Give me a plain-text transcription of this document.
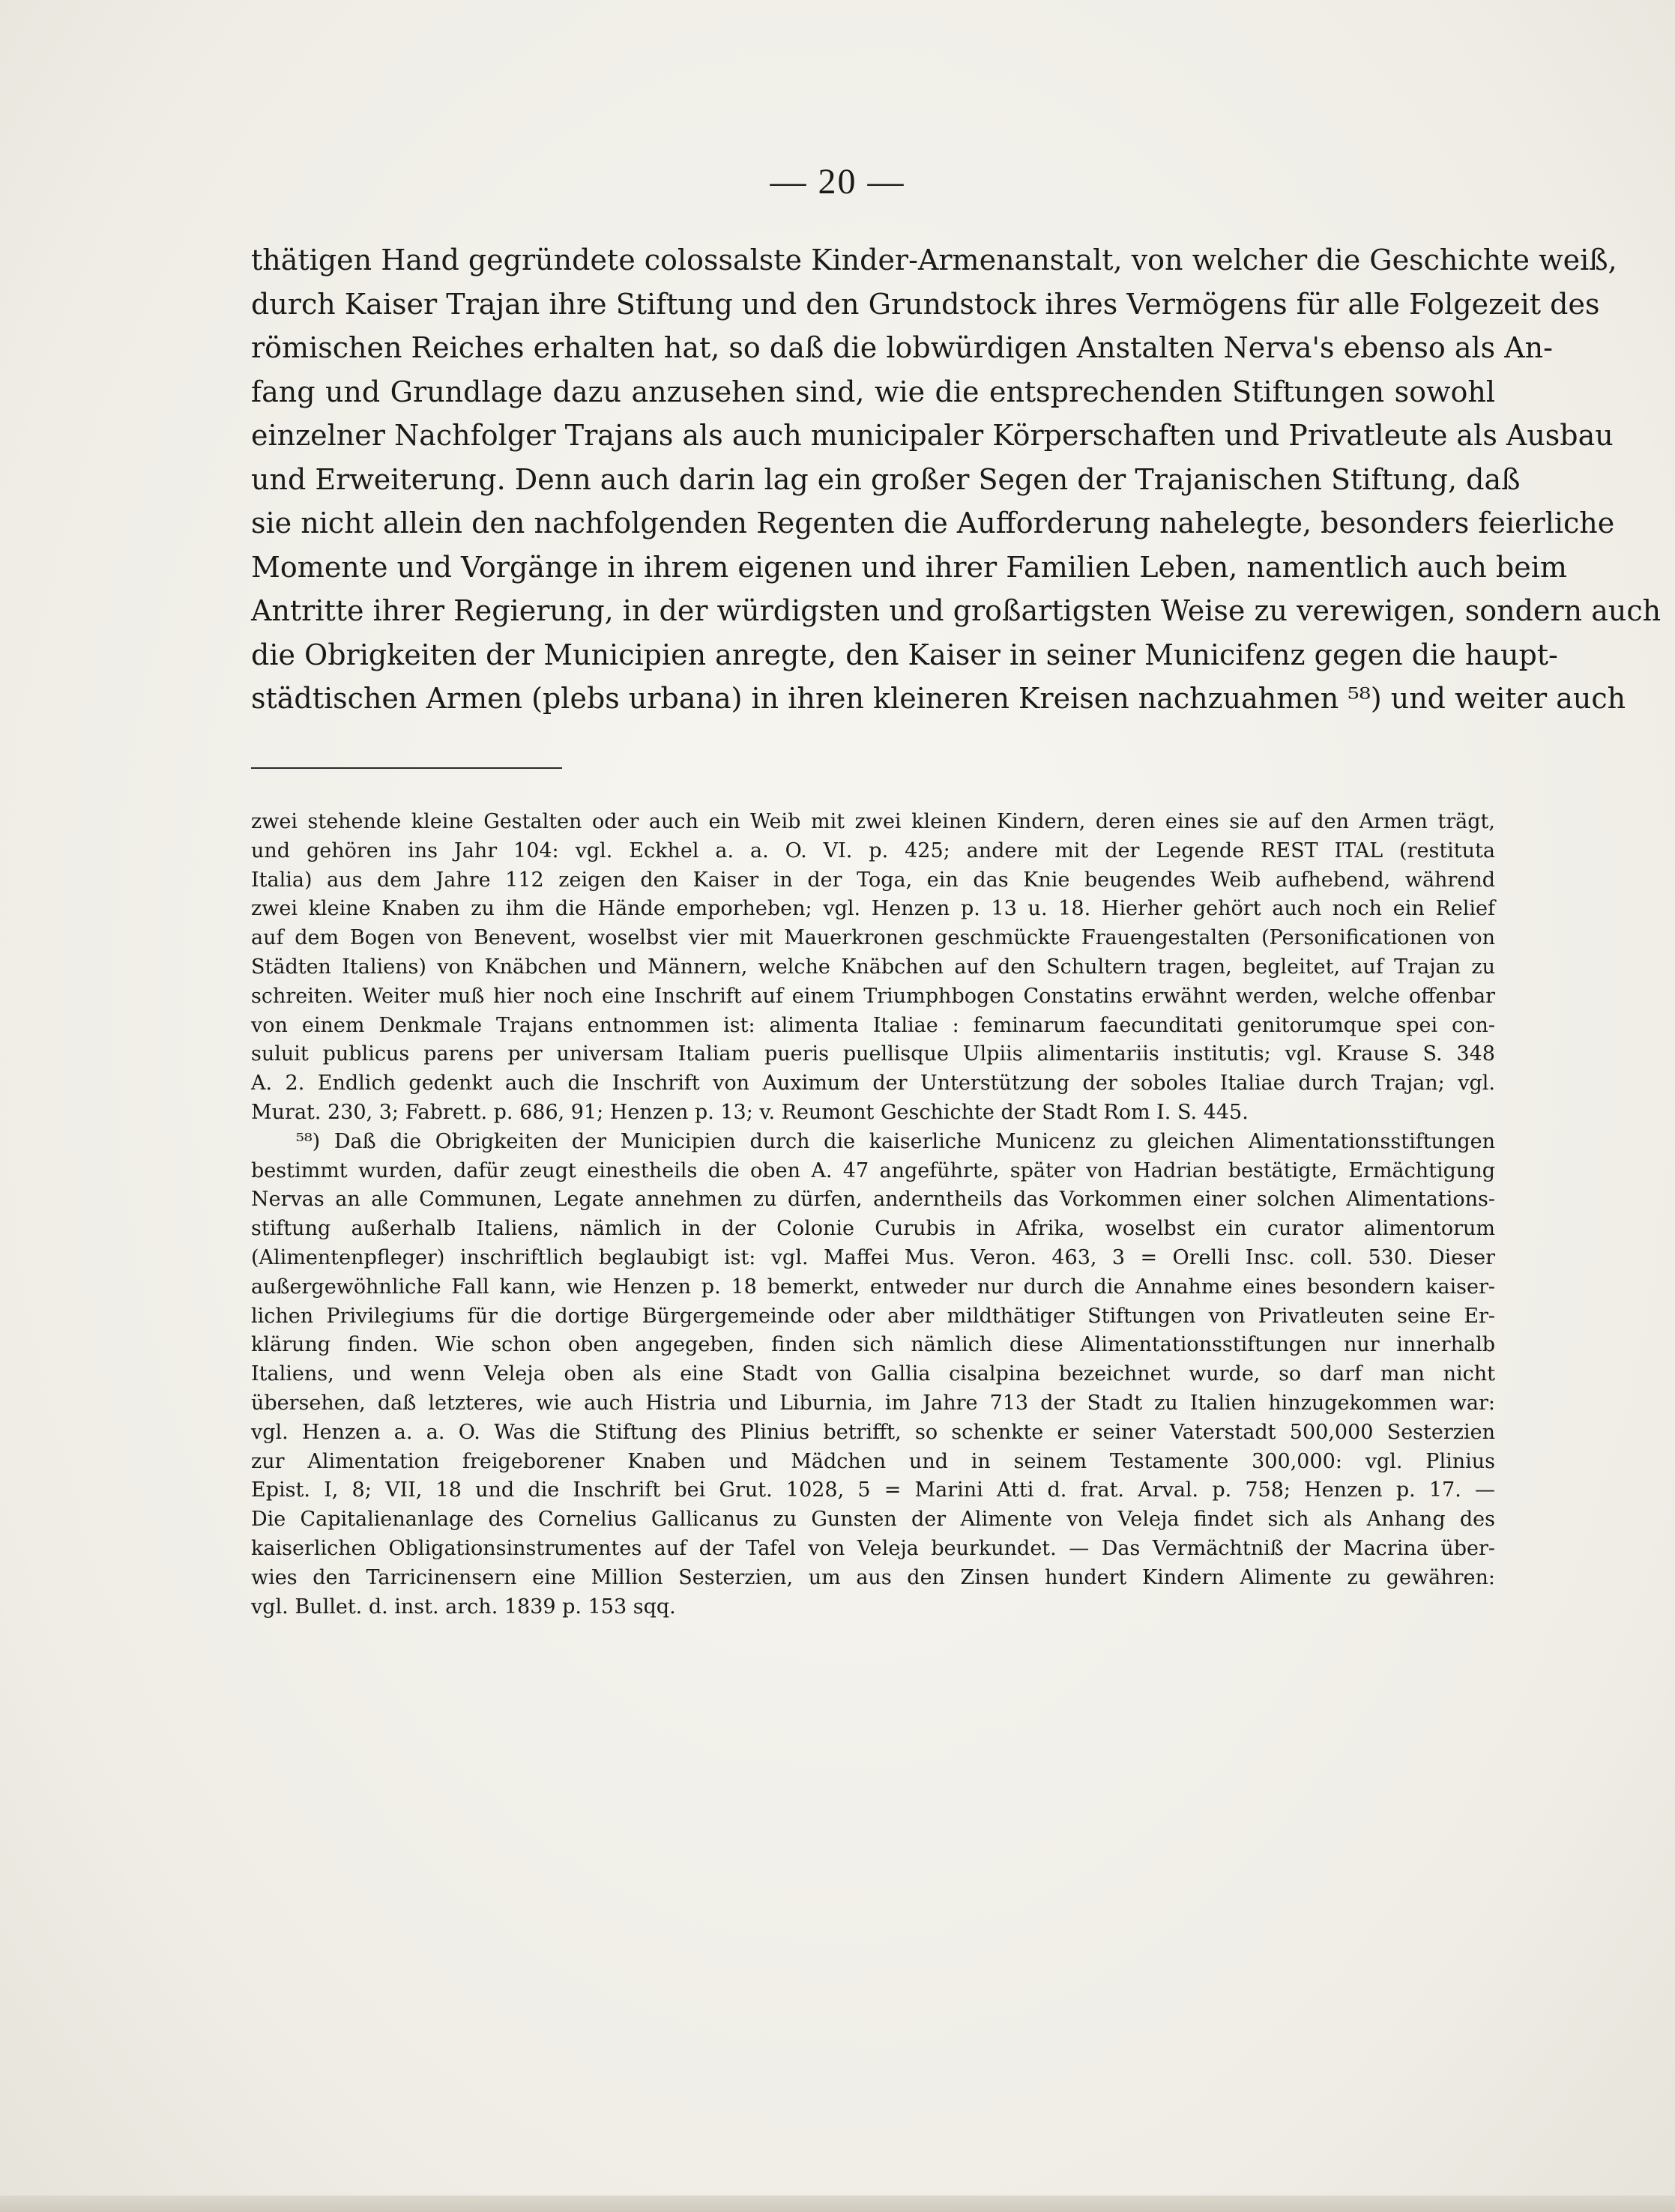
— 20 —
thätigen Hand gegründete colossalste Kinder-Armenanstalt, von welcher die Geschichte weiß,
durch Kaiser Trajan ihre Stiftung und den Grundstock ihres Vermögens für alle Folgezeit des
römischen Reiches erhalten hat, so daß die lobwürdigen Anstalten Nerva's ebenso als An-
fang und Grundlage dazu anzusehen sind, wie die entsprechenden Stiftungen sowohl
einzelner Nachfolger Trajans als auch municipaler Körperschaften und Privatleute als Ausbau
und Erweiterung. Denn auch darin lag ein großer Segen der Trajanischen Stiftung, daß
sie nicht allein den nachfolgenden Regenten die Aufforderung nahelegte, besonders feierliche
Momente und Vorgänge in ihrem eigenen und ihrer Familien Leben, namentlich auch beim
Antritte ihrer Regierung, in der würdigsten und großartigsten Weise zu verewigen, sondern auch
die Obrigkeiten der Municipien anregte, den Kaiser in seiner Municifenz gegen die haupt-
städtischen Armen (plebs urbana) in ihren kleineren Kreisen nachzuahmen ⁵⁸) und weiter auch
zwei stehende kleine Gestalten oder auch ein Weib mit zwei kleinen Kindern, deren eines sie auf den Armen trägt,
und gehören ins Jahr 104: vgl. Eckhel a. a. O. VI. p. 425; andere mit der Legende REST ITAL (restituta
Italia) aus dem Jahre 112 zeigen den Kaiser in der Toga, ein das Knie beugendes Weib aufhebend, während
zwei kleine Knaben zu ihm die Hände emporheben; vgl. Henzen p. 13 u. 18. Hierher gehört auch noch ein Relief
auf dem Bogen von Benevent, woselbst vier mit Mauerkronen geschmückte Frauengestalten (Personificationen von
Städten Italiens) von Knäbchen und Männern, welche Knäbchen auf den Schultern tragen, begleitet, auf Trajan zu
schreiten. Weiter muß hier noch eine Inschrift auf einem Triumphbogen Constatins erwähnt werden, welche offenbar
von einem Denkmale Trajans entnommen ist: alimenta Italiae : feminarum faecunditati genitorumque spei con-
suluit publicus parens per universam Italiam pueris puellisque Ulpiis alimentariis institutis; vgl. Krause S. 348
A. 2. Endlich gedenkt auch die Inschrift von Auximum der Unterstützung der soboles Italiae durch Trajan; vgl.
Murat. 230, 3; Fabrett. p. 686, 91; Henzen p. 13; v. Reumont Geschichte der Stadt Rom I. S. 445.
⁵⁸) Daß die Obrigkeiten der Municipien durch die kaiserliche Municenz zu gleichen Alimentationsstiftungen
bestimmt wurden, dafür zeugt einestheils die oben A. 47 angeführte, später von Hadrian bestätigte, Ermächtigung
Nervas an alle Communen, Legate annehmen zu dürfen, anderntheils das Vorkommen einer solchen Alimentations-
stiftung außerhalb Italiens, nämlich in der Colonie Curubis in Afrika, woselbst ein curator alimentorum
(Alimentenpfleger) inschriftlich beglaubigt ist: vgl. Maffei Mus. Veron. 463, 3 = Orelli Insc. coll. 530. Dieser
außergewöhnliche Fall kann, wie Henzen p. 18 bemerkt, entweder nur durch die Annahme eines besondern kaiser-
lichen Privilegiums für die dortige Bürgergemeinde oder aber mildthätiger Stiftungen von Privatleuten seine Er-
klärung finden. Wie schon oben angegeben, finden sich nämlich diese Alimentationsstiftungen nur innerhalb
Italiens, und wenn Veleja oben als eine Stadt von Gallia cisalpina bezeichnet wurde, so darf man nicht
übersehen, daß letzteres, wie auch Histria und Liburnia, im Jahre 713 der Stadt zu Italien hinzugekommen war:
vgl. Henzen a. a. O. Was die Stiftung des Plinius betrifft, so schenkte er seiner Vaterstadt 500,000 Sesterzien
zur Alimentation freigeborener Knaben und Mädchen und in seinem Testamente 300,000: vgl. Plinius
Epist. I, 8; VII, 18 und die Inschrift bei Grut. 1028, 5 = Marini Atti d. frat. Arval. p. 758; Henzen p. 17. —
Die Capitalienanlage des Cornelius Gallicanus zu Gunsten der Alimente von Veleja findet sich als Anhang des
kaiserlichen Obligationsinstrumentes auf der Tafel von Veleja beurkundet. — Das Vermächtniß der Macrina über-
wies den Tarricinensern eine Million Sesterzien, um aus den Zinsen hundert Kindern Alimente zu gewähren:
vgl. Bullet. d. inst. arch. 1839 p. 153 sqq.
